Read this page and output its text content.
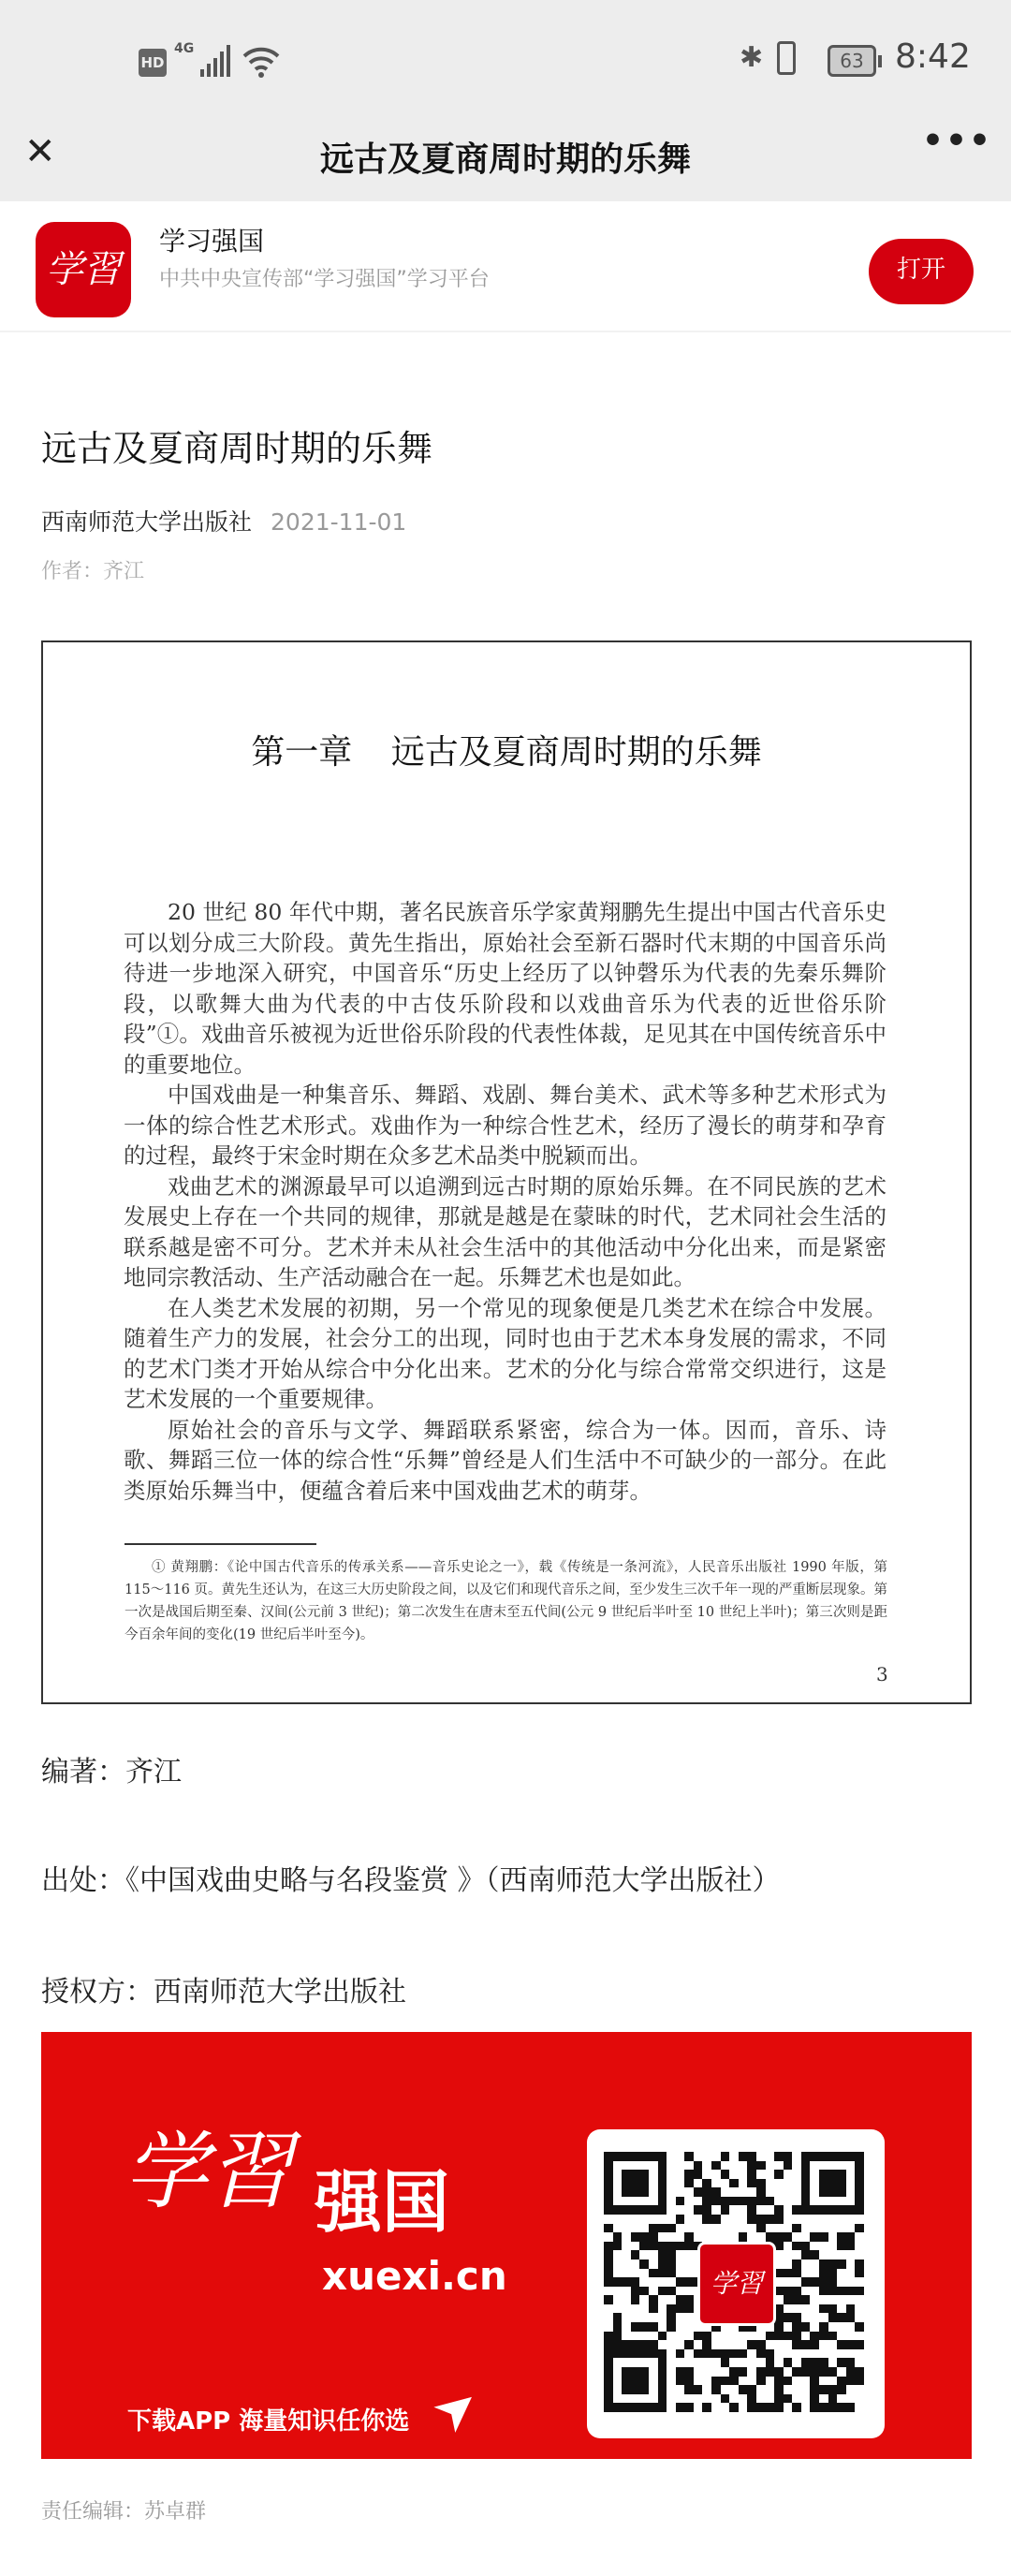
HD
4G	✱	63 8:42
✕	远古及夏商周时期的乐舞	•••
学習
学习强国
中共中央宣传部“学习强国”学习平台	打开
远古及夏商周时期的乐舞
西南师范大学出版社 2021-11-01
作者：齐江
第一章 远古及夏商周时期的乐舞

20 世纪 80 年代中期，著名民族音乐学家黄翔鹏先生提出中国古代音乐史可以划分成三大阶段。黄先生指出，原始社会至新石器时代末期的中国音乐尚待进一步地深入研究，中国音乐“历史上经历了以钟磬乐为代表的先秦乐舞阶段，以歌舞大曲为代表的中古伎乐阶段和以戏曲音乐为代表的近世俗乐阶段”①。戏曲音乐被视为近世俗乐阶段的代表性体裁，足见其在中国传统音乐中的重要地位。

中国戏曲是一种集音乐、舞蹈、戏剧、舞台美术、武术等多种艺术形式为一体的综合性艺术形式。戏曲作为一种综合性艺术，经历了漫长的萌芽和孕育的过程，最终于宋金时期在众多艺术品类中脱颖而出。

戏曲艺术的渊源最早可以追溯到远古时期的原始乐舞。在不同民族的艺术发展史上存在一个共同的规律，那就是越是在蒙昧的时代，艺术同社会生活的联系越是密不可分。艺术并未从社会生活中的其他活动中分化出来，而是紧密地同宗教活动、生产活动融合在一起。乐舞艺术也是如此。

在人类艺术发展的初期，另一个常见的现象便是几类艺术在综合中发展。随着生产力的发展，社会分工的出现，同时也由于艺术本身发展的需求，不同的艺术门类才开始从综合中分化出来。艺术的分化与综合常常交织进行，这是艺术发展的一个重要规律。

原始社会的音乐与文学、舞蹈联系紧密，综合为一体。因而，音乐、诗歌、舞蹈三位一体的综合性“乐舞”曾经是人们生活中不可缺少的一部分。在此类原始乐舞当中，便蕴含着后来中国戏曲艺术的萌芽。

① 黄翔鹏：《论中国古代音乐的传承关系——音乐史论之一》，载《传统是一条河流》，人民音乐出版社 1990 年版，第 115～116 页。黄先生还认为，在这三大历史阶段之间，以及它们和现代音乐之间，至少发生三次千年一现的严重断层现象。第一次是战国后期至秦、汉间(公元前 3 世纪)；第二次发生在唐末至五代间(公元 9 世纪后半叶至 10 世纪上半叶)；第三次则是距今百余年间的变化(19 世纪后半叶至今)。
3
编著：齐江
出处：《中国戏曲史略与名段鉴赏 》（西南师范大学出版社）
授权方：西南师范大学出版社
学習 强国
xuexi.cn
下载APP 海量知识任你选 ➤
学習
责任编辑：苏卓群
